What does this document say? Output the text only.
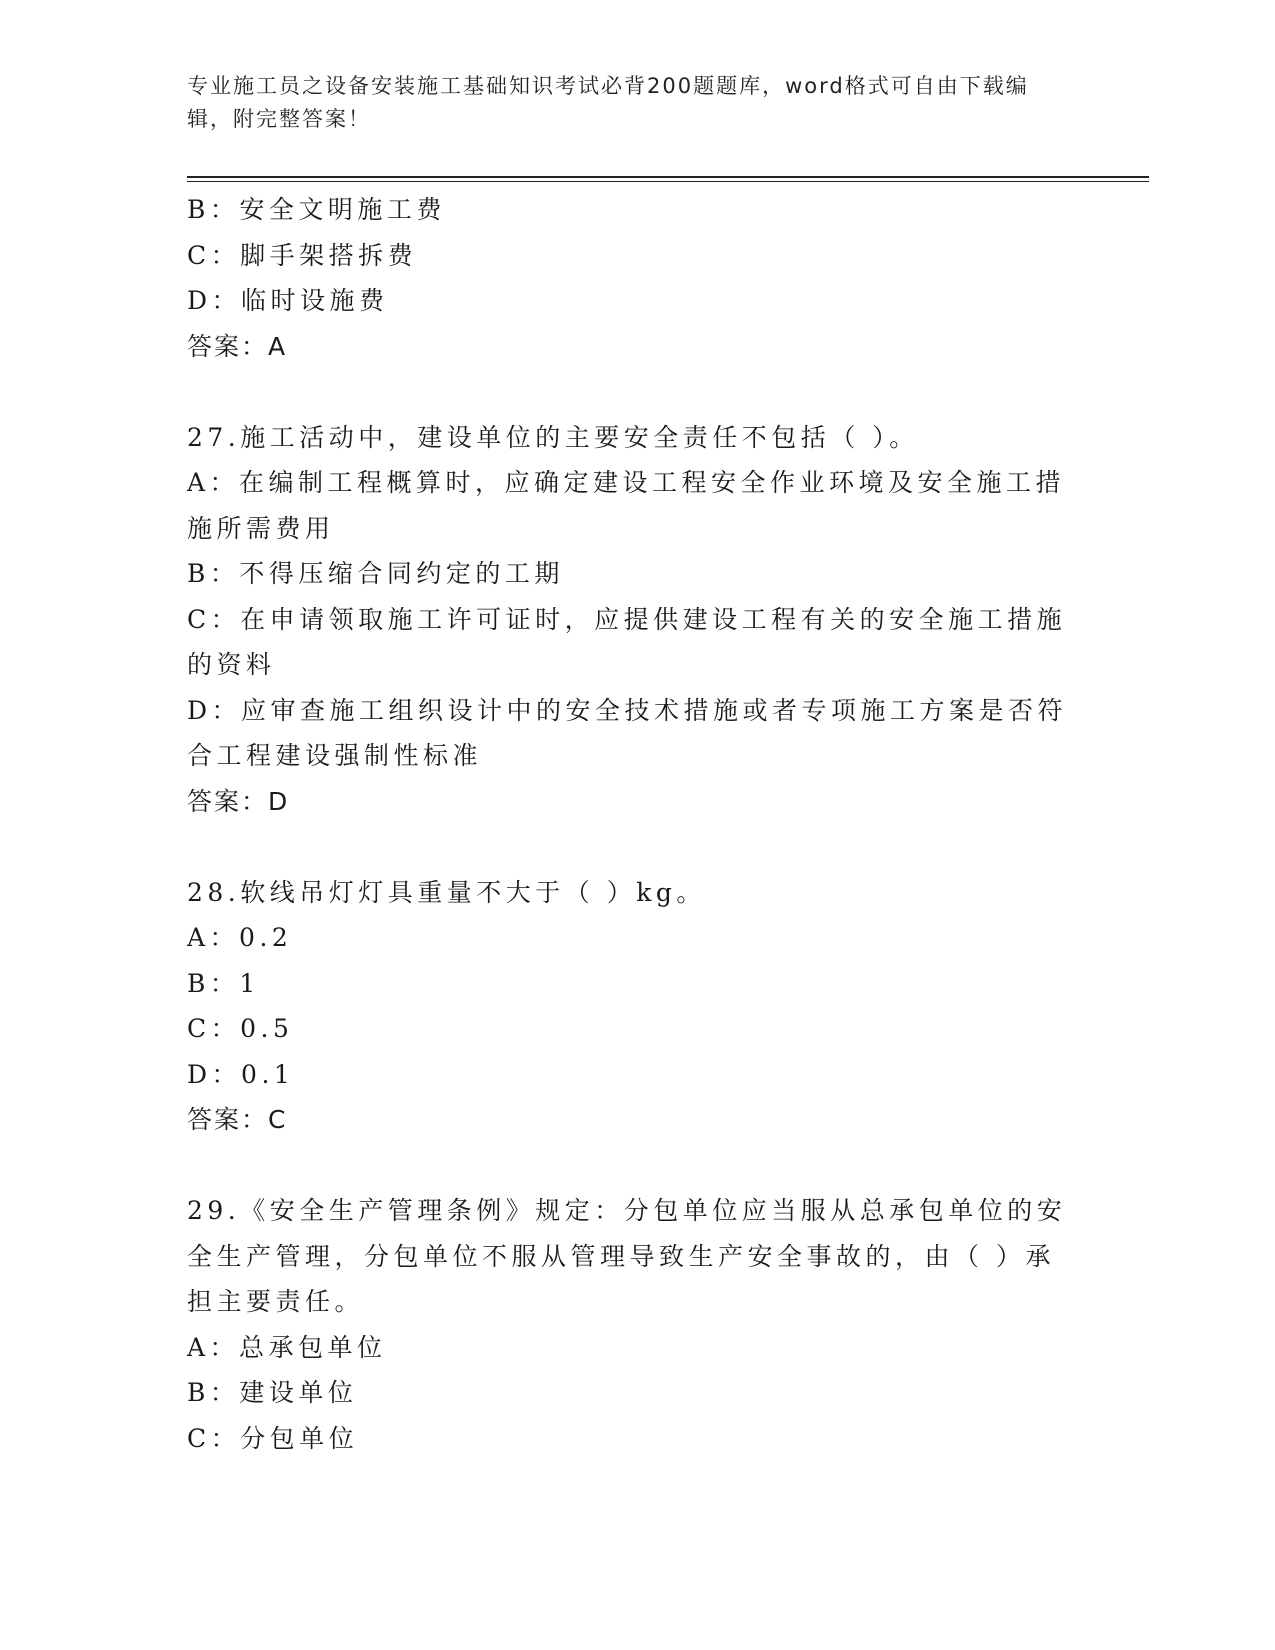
专业施工员之设备安装施工基础知识考试必背200题题库，word格式可自由下载编辑，附完整答案！
B：安全文明施工费
C：脚手架搭拆费
D：临时设施费
答案：A
27.施工活动中，建设单位的主要安全责任不包括（ ）。
A：在编制工程概算时，应确定建设工程安全作业环境及安全施工措施所需费用
B：不得压缩合同约定的工期
C：在申请领取施工许可证时，应提供建设工程有关的安全施工措施的资料
D：应审查施工组织设计中的安全技术措施或者专项施工方案是否符合工程建设强制性标准
答案：D
28.软线吊灯灯具重量不大于（ ）kg。
A：0.2
B：1
C：0.5
D：0.1
答案：C
29.《安全生产管理条例》规定：分包单位应当服从总承包单位的安全生产管理，分包单位不服从管理导致生产安全事故的，由（ ）承担主要责任。
A：总承包单位
B：建设单位
C：分包单位
